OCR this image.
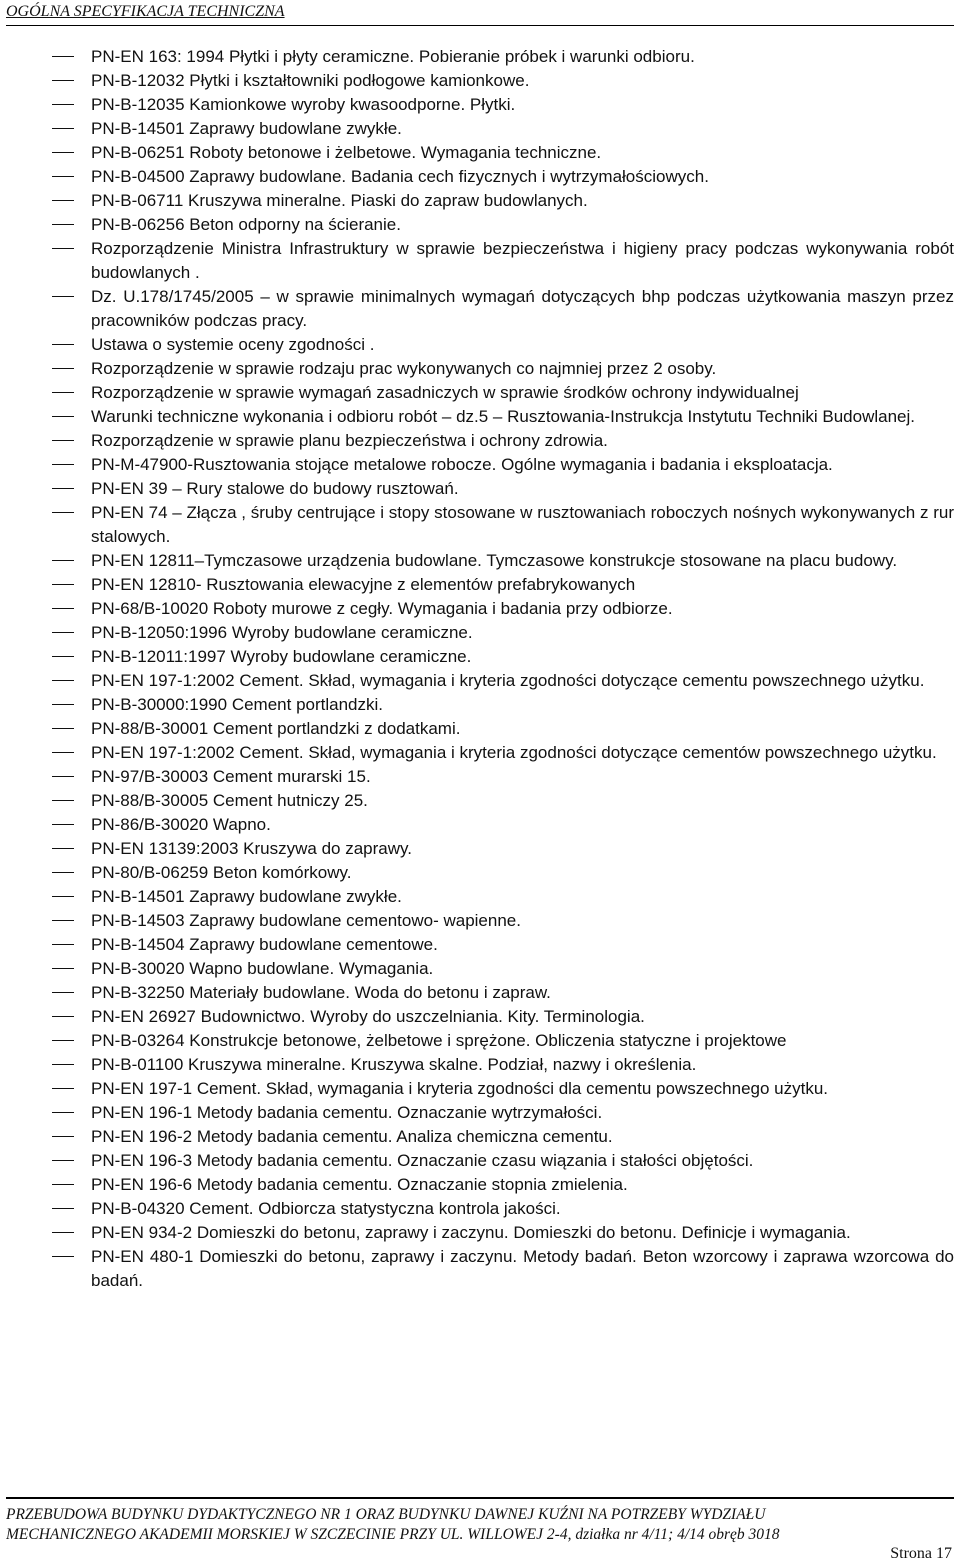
OGÓLNA SPECYFIKACJA TECHNICZNA
PN-EN 163: 1994 Płytki i płyty ceramiczne. Pobieranie próbek i warunki odbioru.
PN-B-12032 Płytki i kształtowniki podłogowe kamionkowe.
PN-B-12035 Kamionkowe wyroby kwasoodporne. Płytki.
PN-B-14501 Zaprawy budowlane zwykłe.
PN-B-06251 Roboty betonowe i żelbetowe. Wymagania techniczne.
PN-B-04500 Zaprawy budowlane. Badania cech fizycznych i wytrzymałościowych.
PN-B-06711 Kruszywa mineralne. Piaski do zapraw budowlanych.
PN-B-06256 Beton odporny na ścieranie.
Rozporządzenie Ministra Infrastruktury w sprawie bezpieczeństwa i higieny pracy podczas wykonywania robót budowlanych .
Dz. U.178/1745/2005 – w sprawie minimalnych wymagań dotyczących bhp podczas użytkowania maszyn przez pracowników podczas pracy.
Ustawa o systemie oceny zgodności .
Rozporządzenie w sprawie rodzaju prac wykonywanych co najmniej przez 2 osoby.
Rozporządzenie w sprawie wymagań zasadniczych w sprawie środków ochrony indywidualnej
Warunki techniczne wykonania i odbioru robót – dz.5 – Rusztowania-Instrukcja Instytutu Techniki Budowlanej.
Rozporządzenie w sprawie planu bezpieczeństwa i ochrony zdrowia.
PN-M-47900-Rusztowania stojące metalowe robocze. Ogólne wymagania i badania i eksploatacja.
PN-EN 39 – Rury stalowe do budowy rusztowań.
PN-EN 74 – Złącza , śruby centrujące i stopy stosowane w rusztowaniach roboczych nośnych wykonywanych z rur stalowych.
PN-EN 12811–Tymczasowe urządzenia budowlane. Tymczasowe konstrukcje stosowane na placu budowy.
PN-EN 12810- Rusztowania elewacyjne z elementów prefabrykowanych
PN-68/B-10020 Roboty murowe z cegły. Wymagania i badania przy odbiorze.
PN-B-12050:1996 Wyroby budowlane ceramiczne.
PN-B-12011:1997 Wyroby budowlane ceramiczne.
PN-EN 197-1:2002 Cement. Skład, wymagania i kryteria zgodności dotyczące cementu powszechnego użytku.
PN-B-30000:1990 Cement portlandzki.
PN-88/B-30001 Cement portlandzki z dodatkami.
PN-EN 197-1:2002 Cement. Skład, wymagania i kryteria zgodności dotyczące cementów powszechnego użytku.
PN-97/B-30003 Cement murarski 15.
PN-88/B-30005 Cement hutniczy 25.
PN-86/B-30020 Wapno.
PN-EN 13139:2003 Kruszywa do zaprawy.
PN-80/B-06259 Beton komórkowy.
PN-B-14501 Zaprawy budowlane zwykłe.
PN-B-14503 Zaprawy budowlane cementowo- wapienne.
PN-B-14504 Zaprawy budowlane cementowe.
PN-B-30020 Wapno budowlane. Wymagania.
PN-B-32250 Materiały budowlane. Woda do betonu i zapraw.
PN-EN 26927 Budownictwo. Wyroby do uszczelniania. Kity. Terminologia.
PN-B-03264 Konstrukcje betonowe, żelbetowe i sprężone. Obliczenia statyczne i projektowe
PN-B-01100 Kruszywa mineralne. Kruszywa skalne. Podział, nazwy i określenia.
PN-EN 197-1 Cement. Skład, wymagania i kryteria zgodności dla cementu powszechnego użytku.
PN-EN 196-1 Metody badania cementu. Oznaczanie wytrzymałości.
PN-EN 196-2 Metody badania cementu. Analiza chemiczna cementu.
PN-EN 196-3 Metody badania cementu. Oznaczanie czasu wiązania i stałości objętości.
PN-EN 196-6 Metody badania cementu. Oznaczanie stopnia zmielenia.
PN-B-04320 Cement. Odbiorcza statystyczna kontrola jakości.
PN-EN 934-2 Domieszki do betonu, zaprawy i zaczynu. Domieszki do betonu. Definicje i wymagania.
PN-EN 480-1 Domieszki do betonu, zaprawy i zaczynu. Metody badań. Beton wzorcowy i zaprawa wzorcowa do badań.
PRZEBUDOWA BUDYNKU DYDAKTYCZNEGO NR 1 ORAZ BUDYNKU DAWNEJ KUŹNI NA POTRZEBY WYDZIAŁU
MECHANICZNEGO AKADEMII MORSKIEJ W SZCZECINIE PRZY UL. WILLOWEJ 2-4, działka nr 4/11; 4/14 obręb 3018
Strona 17
